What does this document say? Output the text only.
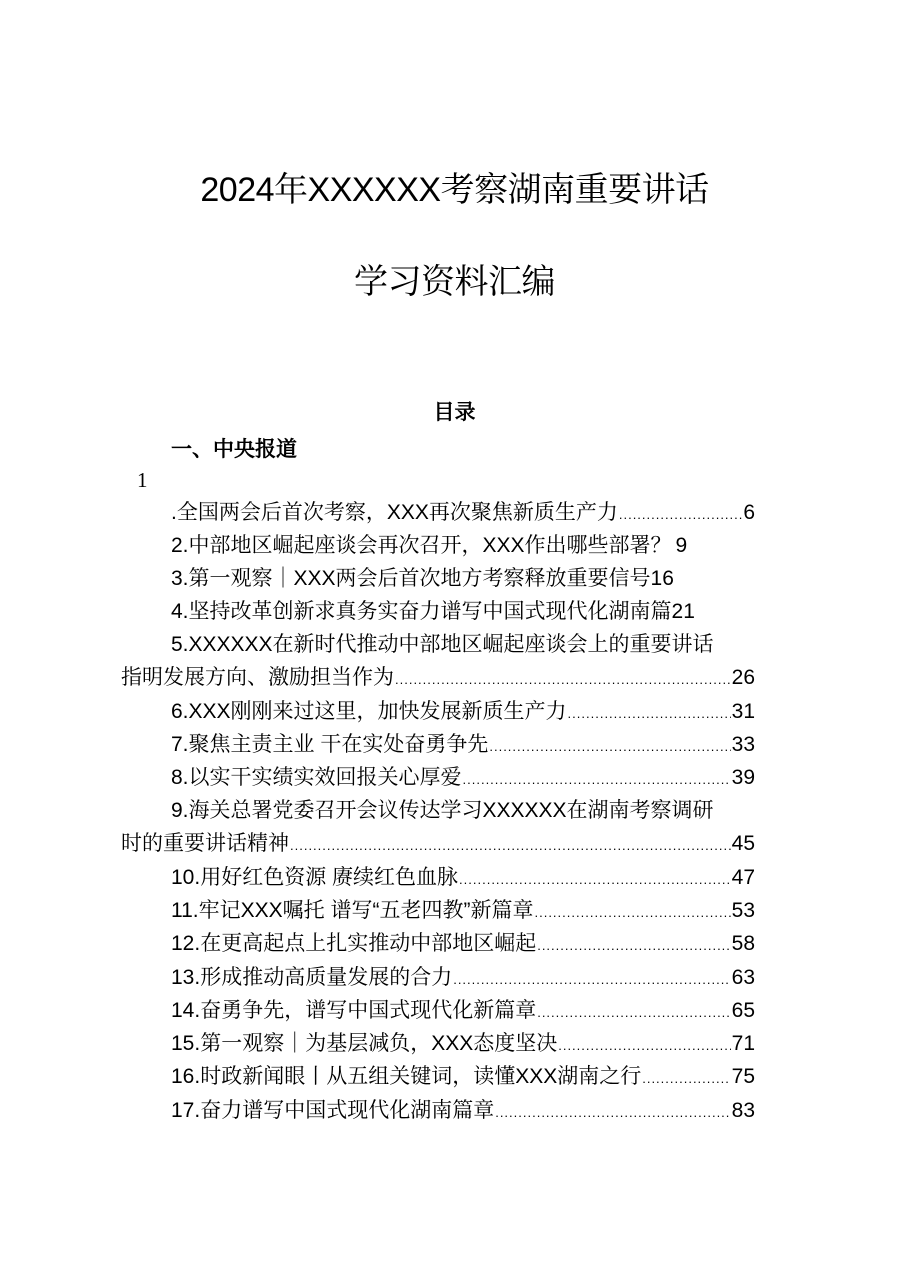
2024年XXXXXX考察湖南重要讲话
学习资料汇编
目录
一、中央报道
1
.全国两会后首次考察，XXX再次聚焦新质生产力 .....	6
2.中部地区崛起座谈会再次召开，XXX作出哪些部署？ 9
3.第一观察｜XXX两会后首次地方考察释放重要信号 16
4.坚持改革创新求真务实奋力谱写中国式现代化湖南篇 21
5.XXXXXX在新时代推动中部地区崛起座谈会上的重要讲话
指明发展方向、激励担当作为 .....	26
6.XXX刚刚来过这里，加快发展新质生产力 .....	31
7.聚焦主责主业 干在实处奋勇争先 .....	33
8.以实干实绩实效回报关心厚爱 .....	39
9.海关总署党委召开会议传达学习XXXXXX在湖南考察调研
时的重要讲话精神 .....	45
10.用好红色资源 赓续红色血脉 .....	47
11.牢记XXX嘱托 谱写“五老四教”新篇章 .....	53
12.在更高起点上扎实推动中部地区崛起 .....	58
13.形成推动高质量发展的合力 .....	63
14.奋勇争先，谱写中国式现代化新篇章 .....	65
15.第一观察｜为基层减负，XXX态度坚决 .....	71
16.时政新闻眼丨从五组关键词，读懂XXX湖南之行 .....	75
17.奋力谱写中国式现代化湖南篇章 .....	83
